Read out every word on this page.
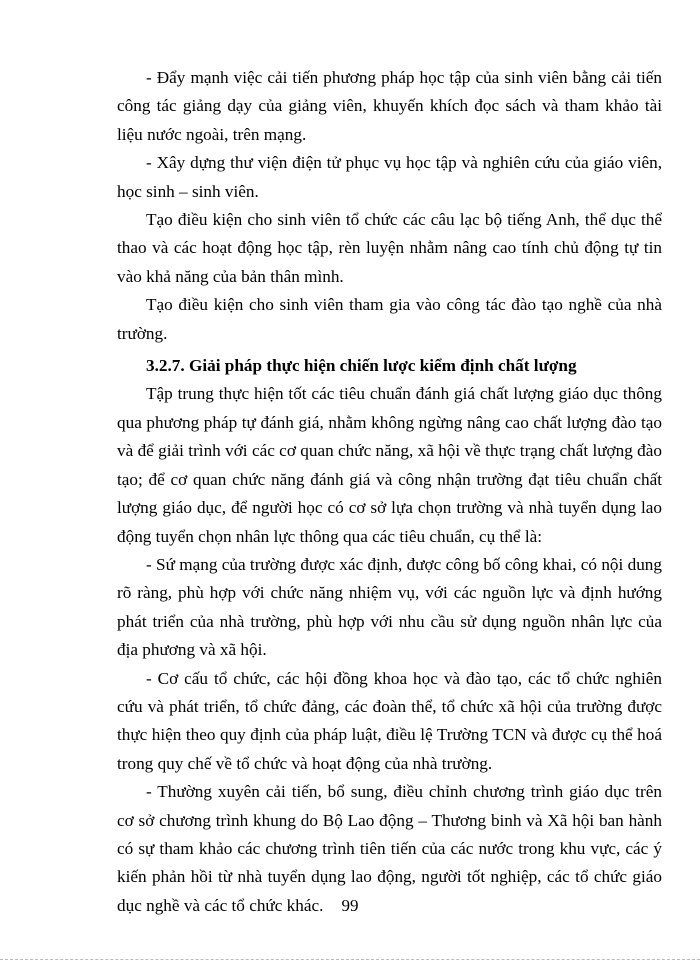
- Đẩy mạnh việc cải tiến phương pháp học tập của sinh viên bằng cải tiến công tác giảng dạy của giảng viên, khuyến khích đọc sách và tham khảo tài liệu nước ngoài, trên mạng.

- Xây dựng thư viện điện tử phục vụ học tập và nghiên cứu của giáo viên, học sinh – sinh viên.

Tạo điều kiện cho sinh viên tổ chức các câu lạc bộ tiếng Anh, thể dục thể thao và các hoạt động học tập, rèn luyện nhằm nâng cao tính chủ động tự tin vào khả năng của bản thân mình.

Tạo điều kiện cho sinh viên tham gia vào công tác đào tạo nghề của nhà trường.

3.2.7. Giải pháp thực hiện chiến lược kiểm định chất lượng

Tập trung thực hiện tốt các tiêu chuẩn đánh giá chất lượng giáo dục thông qua phương pháp tự đánh giá, nhằm không ngừng nâng cao chất lượng đào tạo và để giải trình với các cơ quan chức năng, xã hội về thực trạng chất lượng đào tạo; để cơ quan chức năng đánh giá và công nhận trường đạt tiêu chuẩn chất lượng giáo dục, để người học có cơ sở lựa chọn trường và nhà tuyển dụng lao động tuyển chọn nhân lực thông qua các tiêu chuẩn, cụ thể là:

- Sứ mạng của trường được xác định, được công bố công khai, có nội dung rõ ràng, phù hợp với chức năng nhiệm vụ, với các nguồn lực và định hướng phát triển của nhà trường, phù hợp với nhu cầu sử dụng nguồn nhân lực của địa phương và xã hội.

- Cơ cấu tổ chức, các hội đồng khoa học và đào tạo, các tổ chức nghiên cứu và phát triển, tổ chức đảng, các đoàn thể, tổ chức xã hội của trường được thực hiện theo quy định của pháp luật, điều lệ Trường TCN và được cụ thể hoá trong quy chế về tổ chức và hoạt động của nhà trường.

- Thường xuyên cải tiến, bổ sung, điều chỉnh chương trình giáo dục trên cơ sở chương trình khung do Bộ Lao động – Thương binh và Xã hội ban hành có sự tham khảo các chương trình tiên tiến của các nước trong khu vực, các ý kiến phản hồi từ nhà tuyển dụng lao động, người tốt nghiệp, các tổ chức giáo dục nghề và các tổ chức khác.	99
